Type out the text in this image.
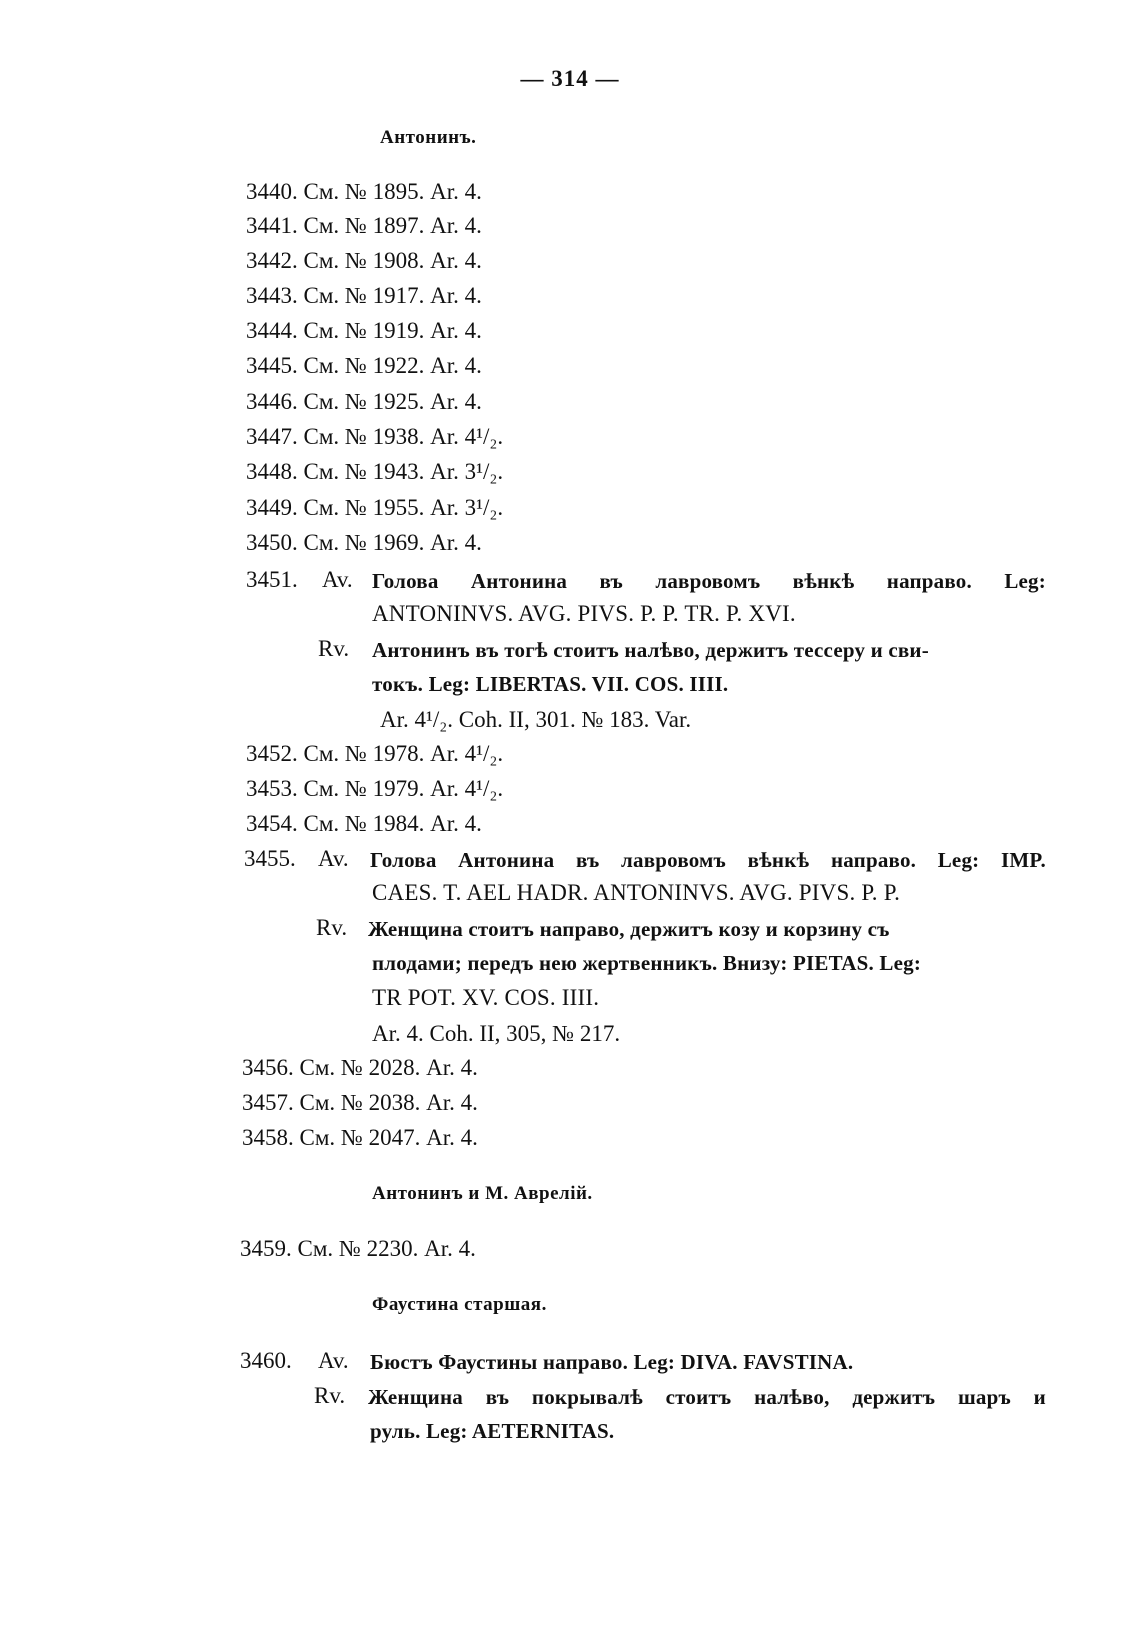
— 314 —
Антонинъ.
3440. См. № 1895. Ar. 4.
3441. См. № 1897. Ar. 4.
3442. См. № 1908. Ar. 4.
3443. См. № 1917. Ar. 4.
3444. См. № 1919. Ar. 4.
3445. См. № 1922. Ar. 4.
3446. См. № 1925. Ar. 4.
3447. См. № 1938. Ar. 4¹/₂.
3448. См. № 1943. Ar. 3¹/₂.
3449. См. № 1955. Ar. 3¹/₂.
3450. См. № 1969. Ar. 4.
3451. Av. Голова Антонина въ лавровомъ вѣнкѣ направо. Leg:
ANTONINVS. AVG. PIVS. P. P. TR. P. XVI.
Rv. Антонинъ въ тогѣ стоитъ налѣво, держитъ тессеру и сви-
токъ. Leg: LIBERTAS. VII. COS. IIII.
Ar. 4¹/₂. Coh. II, 301. № 183. Var.
3452. См. № 1978. Ar. 4¹/₂.
3453. См. № 1979. Ar. 4¹/₂.
3454. См. № 1984. Ar. 4.
3455. Av. Голова Антонина въ лавровомъ вѣнкѣ направо. Leg: IMP.
CAES. T. AEL HADR. ANTONINVS. AVG. PIVS. P. P.
Rv. Женщина стоитъ направо, держитъ козу и корзину съ
плодами; передъ нею жертвенникъ. Внизу: PIETAS. Leg:
TR POT. XV. COS. IIII.
Ar. 4. Coh. II, 305, № 217.
3456. См. № 2028. Ar. 4.
3457. См. № 2038. Ar. 4.
3458. См. № 2047. Ar. 4.
Антонинъ и М. Аврелій.
3459. См. № 2230. Ar. 4.
Фаустина старшая.
3460. Av. Бюстъ Фаустины направо. Leg: DIVA. FAVSTINA.
Rv. Женщина въ покрывалѣ стоитъ налѣво, держитъ шаръ и
руль. Leg: AETERNITAS.
